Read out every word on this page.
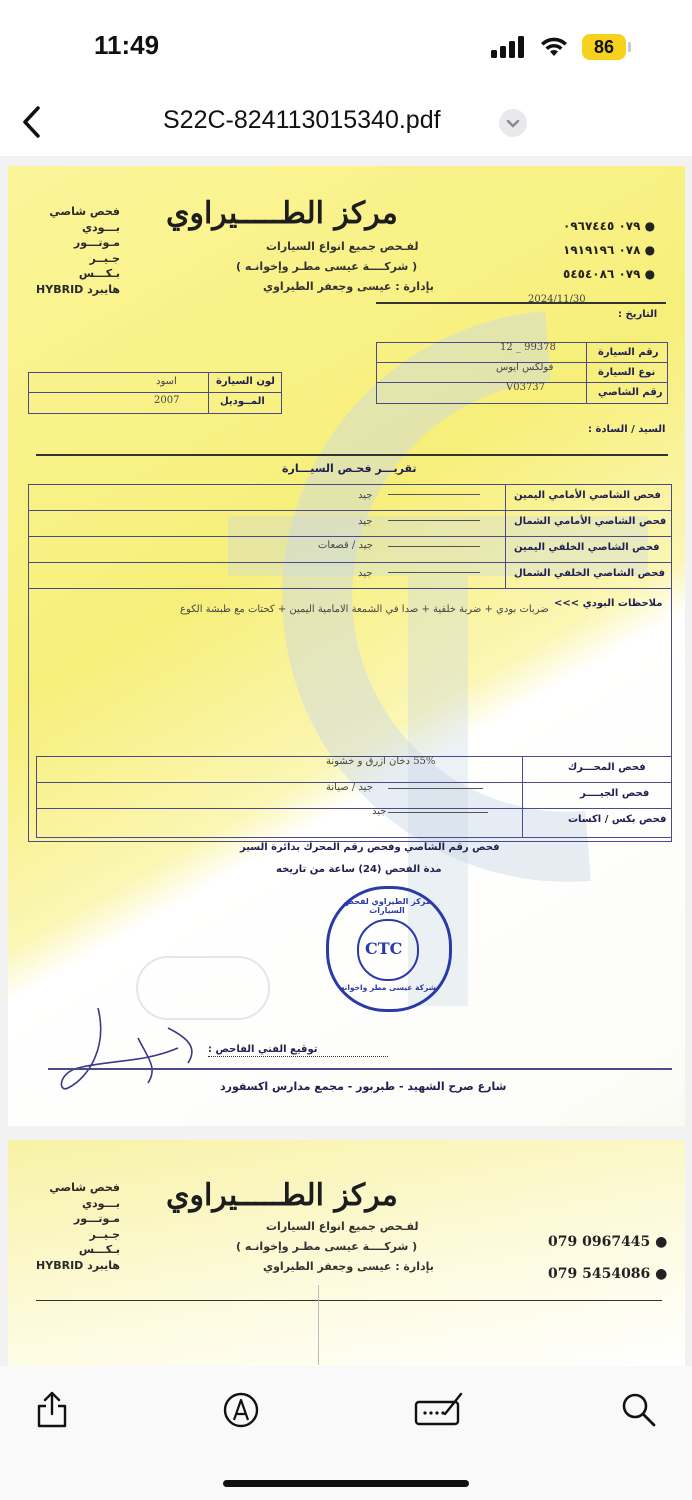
11:49	86
S22C-824113015340.pdf
فحص شاصي
بـــودي
مـوتـــور
جـيــر
بـكـــس
هايبرد HYBRID
مركز الطـــــيراوي
لفـحص جميع انواع السيارات
( شركــــة عيسى مطـر وإخوانـه )
بإدارة : عيسى وجعفر الطيراوي
٠٧٩ ٠٩٦٧٤٤٥ ●
٠٧٨ ١٩١٩١٩٦ ●
٠٧٩ ٥٤٥٤٠٨٦ ●
2024/11/30
التاريخ :
رقم السيارة
نوع السيارة
رقم الشاصي
12 _ 99378
فولكس ايوس
V03737
لون السيارة
المــوديل
اسود
2007
السيد / السادة :
تقريـــر فحـص السيـــارة
فحص الشاصي الأمامي اليمين
فحص الشاصي الأمامي الشمال
فحص الشاصي الخلفي اليمين
فحص الشاصي الخلفي الشمال
جيد
جيد
جيد / قصعات
جيد
ملاحظات البودي >>>
ضربات بودي + ضربة خلفية + صدا في الشمعة الامامية اليمين + كحتات مع طبشة الكوع
فحص المحـــرك
فحص الجيــــر
فحص بكس / اكسات
55% دخان ازرق و خشونة
جيد / صيانة
جيد
فحص رقم الشاصي وفحص رقم المحرك بدائرة السير
مدة الفحص (24) ساعة من تاريخه
CTC
مركز الطيراوي لفحص السيارات
شركة عيسى مطر واخوانه
توقيع الفني الفاحص :
شارع صرح الشهيد - طبربور - مجمع مدارس اكسفورد
فحص شاصي
بـــودي
مـوتـــور
جـيــر
بـكـــس
هايبرد HYBRID
مركز الطـــــيراوي
لفـحص جميع انواع السيارات
( شركــــة عيسى مطـر وإخوانـه )
بإدارة : عيسى وجعفر الطيراوي
079 0967445 ●
079 5454086 ●
